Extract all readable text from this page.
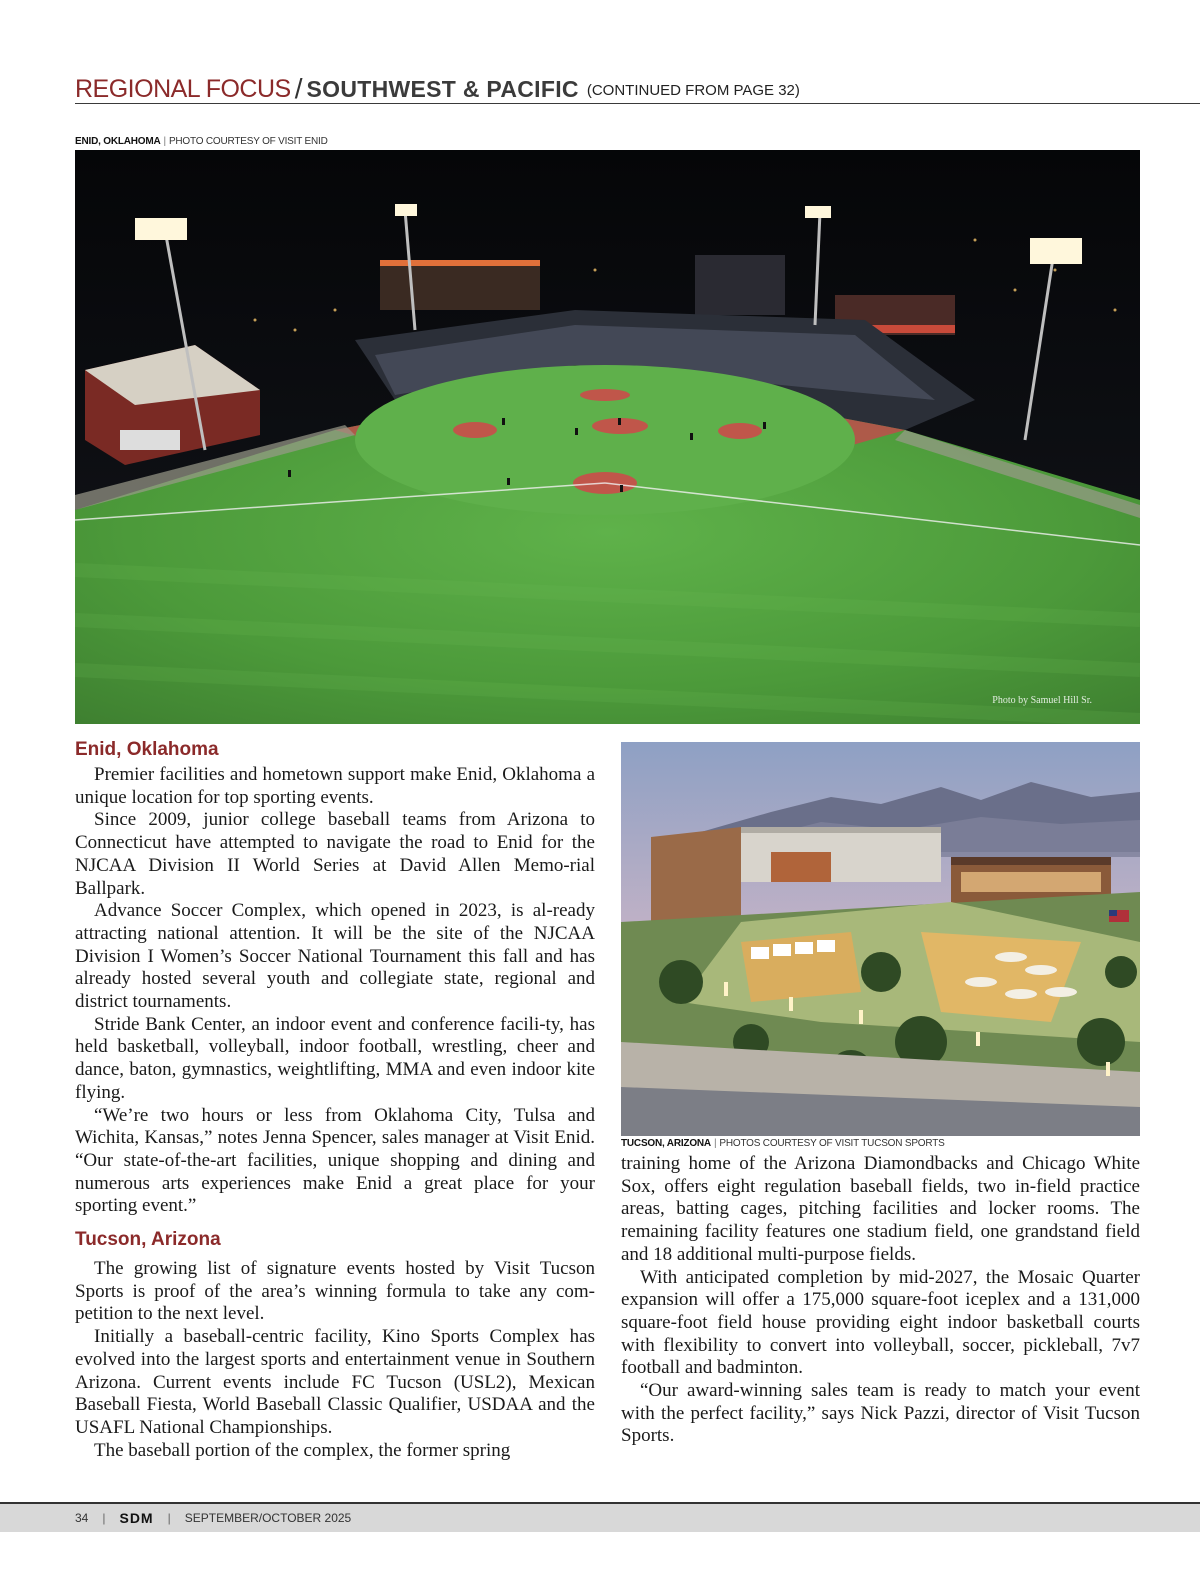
REGIONAL FOCUS / SOUTHWEST & PACIFIC (CONTINUED FROM PAGE 32)
ENID, OKLAHOMA | PHOTO COURTESY OF VISIT ENID
Photo by Samuel Hill Sr.
Enid, Oklahoma

Premier facilities and hometown support make Enid, Oklahoma a unique location for top sporting events.

Since 2009, junior college baseball teams from Arizona to Connecticut have attempted to navigate the road to Enid for the NJCAA Division II World Series at David Allen Memo-rial Ballpark.

Advance Soccer Complex, which opened in 2023, is al-ready attracting national attention. It will be the site of the NJCAA Division I Women’s Soccer National Tournament this fall and has already hosted several youth and collegiate state, regional and district tournaments.

Stride Bank Center, an indoor event and conference facili-ty, has held basketball, volleyball, indoor football, wrestling, cheer and dance, baton, gymnastics, weightlifting, MMA and even indoor kite flying.

“We’re two hours or less from Oklahoma City, Tulsa and Wichita, Kansas,” notes Jenna Spencer, sales manager at Visit Enid. “Our state-of-the-art facilities, unique shopping and dining and numerous arts experiences make Enid a great place for your sporting event.”

Tucson, Arizona

The growing list of signature events hosted by Visit Tucson Sports is proof of the area’s winning formula to take any com-petition to the next level.

Initially a baseball-centric facility, Kino Sports Complex has evolved into the largest sports and entertainment venue in Southern Arizona. Current events include FC Tucson (USL2), Mexican Baseball Fiesta, World Baseball Classic Qualifier, USDAA and the USAFL National Championships.

The baseball portion of the complex, the former spring

TUCSON, ARIZONA | PHOTOS COURTESY OF VISIT TUCSON SPORTS

training home of the Arizona Diamondbacks and Chicago White Sox, offers eight regulation baseball fields, two in-field practice areas, batting cages, pitching facilities and locker rooms. The remaining facility features one stadium field, one grandstand field and 18 additional multi-purpose fields.

With anticipated completion by mid-2027, the Mosaic Quarter expansion will offer a 175,000 square-foot iceplex and a 131,000 square-foot field house providing eight indoor basketball courts with flexibility to convert into volleyball, soccer, pickleball, 7v7 football and badminton.

“Our award-winning sales team is ready to match your event with the perfect facility,” says Nick Pazzi, director of Visit Tucson Sports.

34 | SDM | SEPTEMBER/OCTOBER 2025
